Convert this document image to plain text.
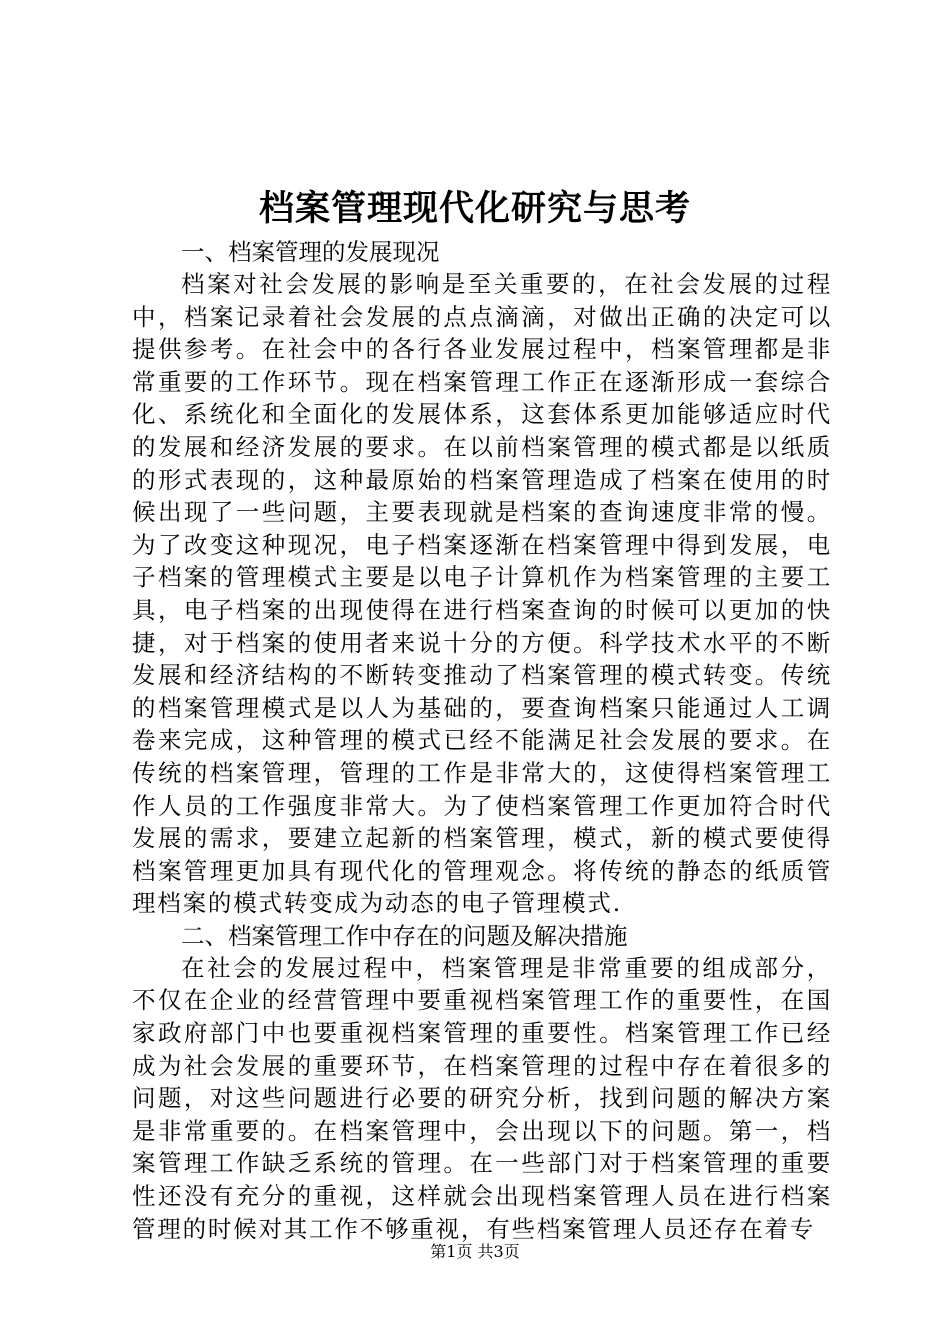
档案管理现代化研究与思考
一、档案管理的发展现况

档案对社会发展的影响是至关重要的，在社会发展的过程中，档案记录着社会发展的点点滴滴，对做出正确的决定可以提供参考。在社会中的各行各业发展过程中，档案管理都是非常重要的工作环节。现在档案管理工作正在逐渐形成一套综合化、系统化和全面化的发展体系，这套体系更加能够适应时代的发展和经济发展的要求。在以前档案管理的模式都是以纸质的形式表现的，这种最原始的档案管理造成了档案在使用的时候出现了一些问题，主要表现就是档案的查询速度非常的慢。为了改变这种现况，电子档案逐渐在档案管理中得到发展，电子档案的管理模式主要是以电子计算机作为档案管理的主要工具，电子档案的出现使得在进行档案查询的时候可以更加的快捷，对于档案的使用者来说十分的方便。科学技术水平的不断发展和经济结构的不断转变推动了档案管理的模式转变。传统的档案管理模式是以人为基础的，要查询档案只能通过人工调卷来完成，这种管理的模式已经不能满足社会发展的要求。在传统的档案管理，管理的工作是非常大的，这使得档案管理工作人员的工作强度非常大。为了使档案管理工作更加符合时代发展的需求，要建立起新的档案管理，模式，新的模式要使得档案管理更加具有现代化的管理观念。将传统的静态的纸质管理档案的模式转变成为动态的电子管理模式.

二、档案管理工作中存在的问题及解决措施

在社会的发展过程中，档案管理是非常重要的组成部分，不仅在企业的经营管理中要重视档案管理工作的重要性，在国家政府部门中也要重视档案管理的重要性。档案管理工作已经成为社会发展的重要环节，在档案管理的过程中存在着很多的问题，对这些问题进行必要的研究分析，找到问题的解决方案是非常重要的。在档案管理中，会出现以下的问题。第一，档案管理工作缺乏系统的管理。在一些部门对于档案管理的重要性还没有充分的重视，这样就会出现档案管理人员在进行档案管理的时候对其工作不够重视，有些档案管理人员还存在着专

第1页 共3页
